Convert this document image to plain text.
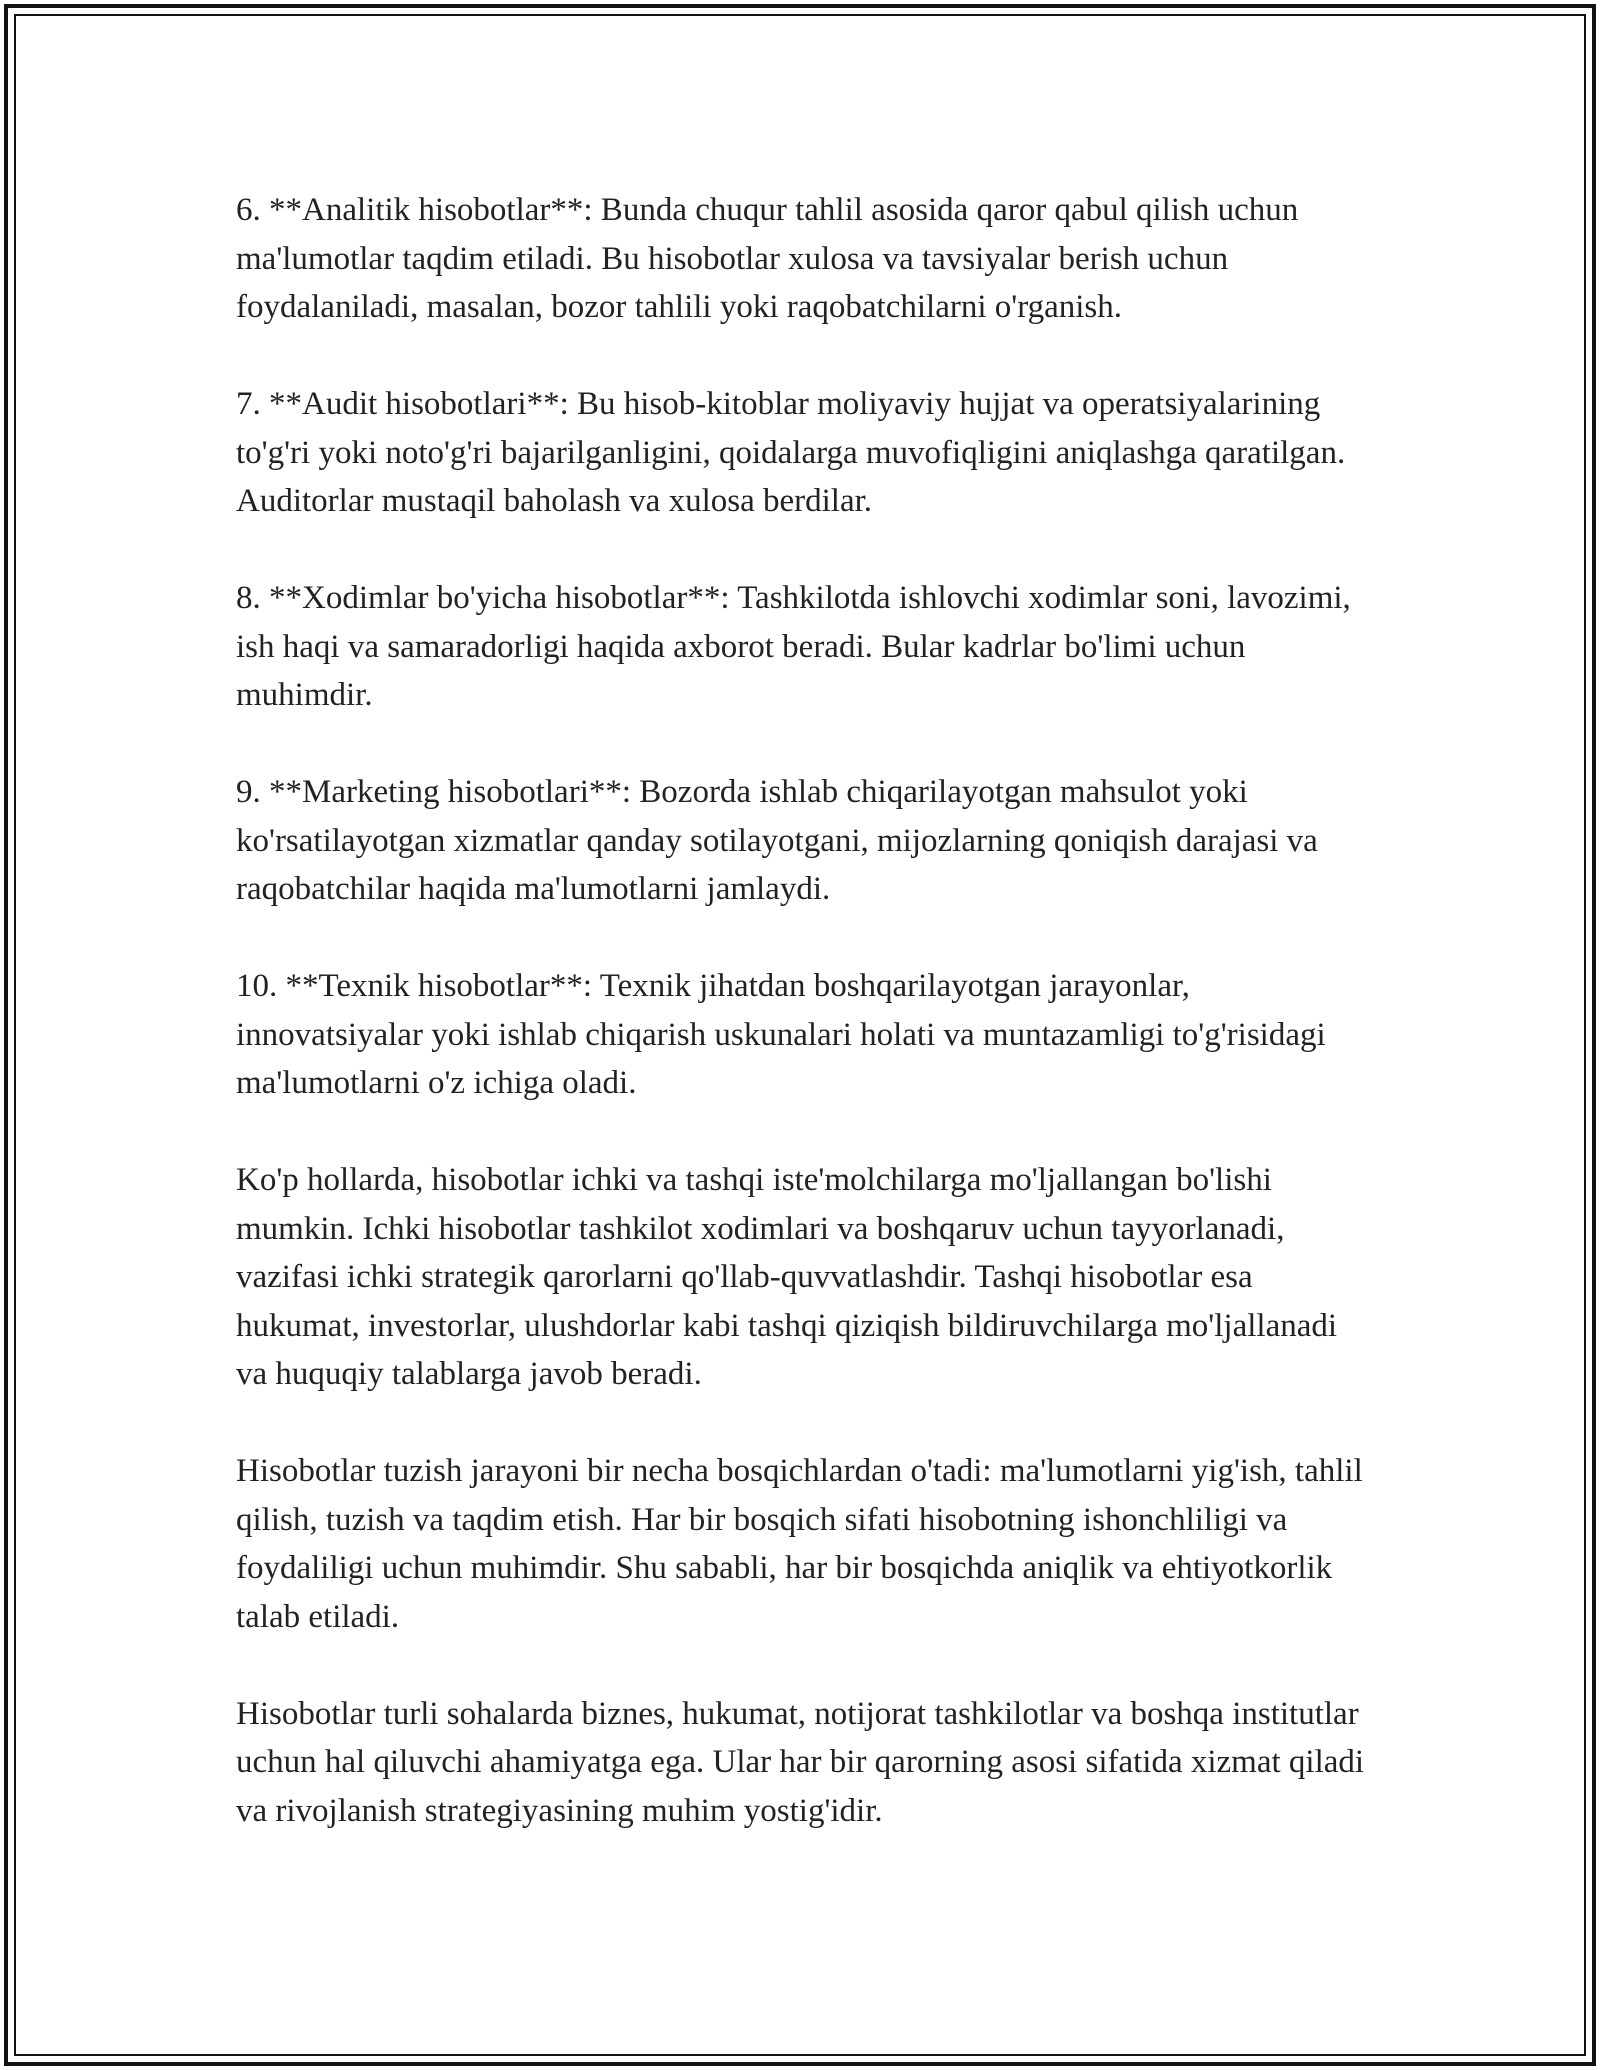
6. **Analitik hisobotlar**: Bunda chuqur tahlil asosida qaror qabul qilish uchun ma'lumotlar taqdim etiladi. Bu hisobotlar xulosa va tavsiyalar berish uchun foydalaniladi, masalan, bozor tahlili yoki raqobatchilarni o'rganish.

7. **Audit hisobotlari**: Bu hisob-kitoblar moliyaviy hujjat va operatsiyalarining to'g'ri yoki noto'g'ri bajarilganligini, qoidalarga muvofiqligini aniqlashga qaratilgan. Auditorlar mustaqil baholash va xulosa berdilar.

8. **Xodimlar bo'yicha hisobotlar**: Tashkilotda ishlovchi xodimlar soni, lavozimi, ish haqi va samaradorligi haqida axborot beradi. Bular kadrlar bo'limi uchun muhimdir.

9. **Marketing hisobotlari**: Bozorda ishlab chiqarilayotgan mahsulot yoki ko'rsatilayotgan xizmatlar qanday sotilayotgani, mijozlarning qoniqish darajasi va raqobatchilar haqida ma'lumotlarni jamlaydi.

10. **Texnik hisobotlar**: Texnik jihatdan boshqarilayotgan jarayonlar, innovatsiyalar yoki ishlab chiqarish uskunalari holati va muntazamligi to'g'risidagi ma'lumotlarni o'z ichiga oladi.

Ko'p hollarda, hisobotlar ichki va tashqi iste'molchilarga mo'ljallangan bo'lishi mumkin. Ichki hisobotlar tashkilot xodimlari va boshqaruv uchun tayyorlanadi, vazifasi ichki strategik qarorlarni qo'llab-quvvatlashdir. Tashqi hisobotlar esa hukumat, investorlar, ulushdorlar kabi tashqi qiziqish bildiruvchilarga mo'ljallanadi va huquqiy talablarga javob beradi.

Hisobotlar tuzish jarayoni bir necha bosqichlardan o'tadi: ma'lumotlarni yig'ish, tahlil qilish, tuzish va taqdim etish. Har bir bosqich sifati hisobotning ishonchliligi va foydaliligi uchun muhimdir. Shu sababli, har bir bosqichda aniqlik va ehtiyotkorlik talab etiladi.

Hisobotlar turli sohalarda biznes, hukumat, notijorat tashkilotlar va boshqa institutlar uchun hal qiluvchi ahamiyatga ega. Ular har bir qarorning asosi sifatida xizmat qiladi va rivojlanish strategiyasining muhim yostig'idir.
